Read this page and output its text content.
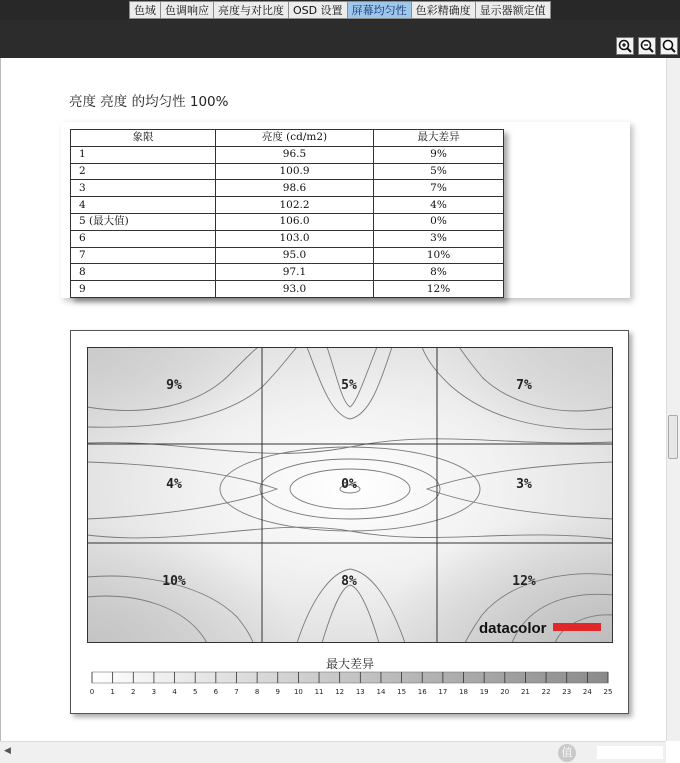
色域 色调响应 亮度与对比度 OSD 设置 屏幕均匀性 色彩精确度 显示器额定值
亮度 亮度 的均匀性 100%
象限	亮度 (cd/m2)	最大差异
1	96.5	9%
2	100.9	5%
3	98.6	7%
4	102.2	4%
5 (最大值)	106.0	0%
6	103.0	3%
7	95.0	10%
8	97.1	8%
9	93.0	12%
9%	5%	7%
4%	0%	3%
10%	8%	12%
datacolor
最大差异
0 1 2 3 4 5 6 7 8 9 10 11 12 13 14 15 16 17 18 19 20 21 22 23 24 25
◀	值
